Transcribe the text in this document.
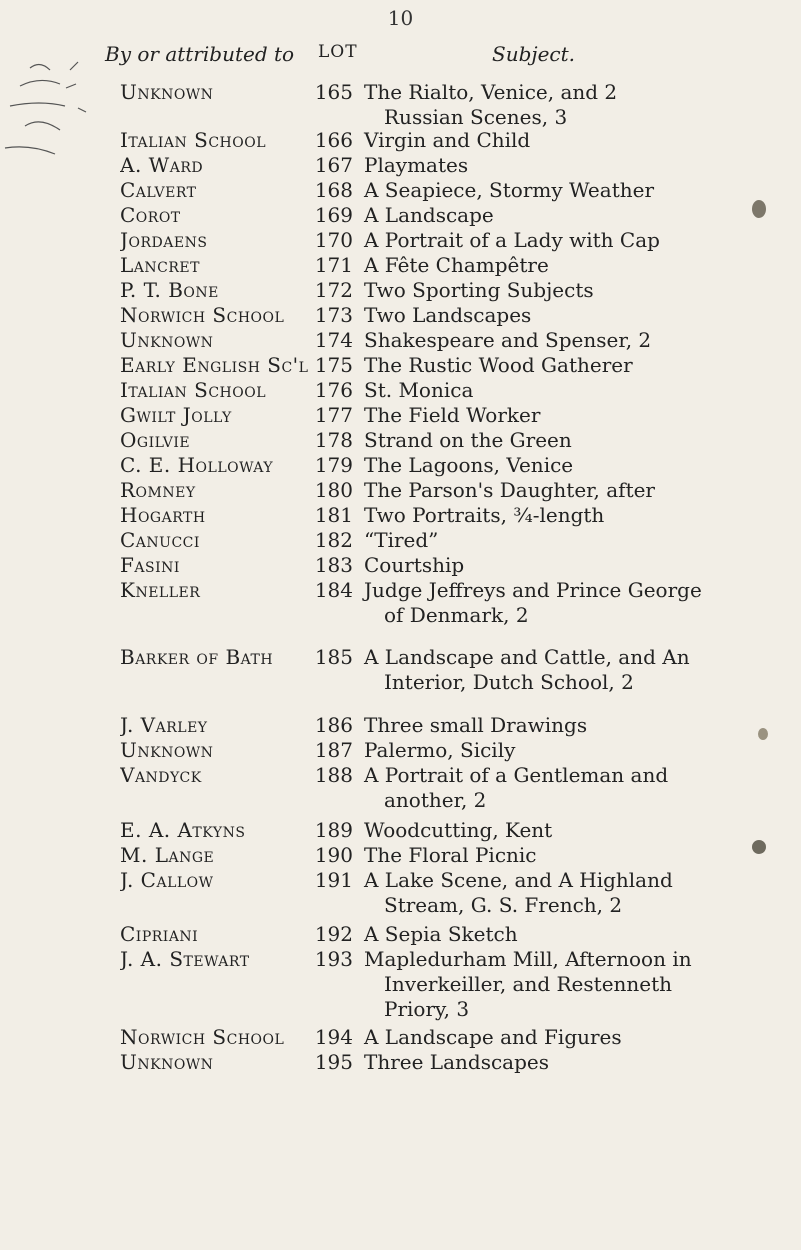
10
By or attributed to LOT	Subject.
Unknown	165 The Rialto, Venice, and 2
Russian Scenes, 3
Italian School	166 Virgin and Child
A. Ward	167 Playmates
Calvert	168 A Seapiece, Stormy Weather
Corot	169 A Landscape
Jordaens	170 A Portrait of a Lady with Cap
Lancret	171 A Fête Champêtre
P. T. Bone	172 Two Sporting Subjects
Norwich School	173 Two Landscapes
Unknown	174 Shakespeare and Spenser, 2
Early English Sc'l 175 The Rustic Wood Gatherer
Italian School	176 St. Monica
Gwilt Jolly	177 The Field Worker
Ogilvie	178 Strand on the Green
C. E. Holloway	179 The Lagoons, Venice
Romney	180 The Parson's Daughter, after
Hogarth	181 Two Portraits, ¾-length
Canucci	182 “Tired”
Fasini	183 Courtship
Kneller	184 Judge Jeffreys and Prince George
of Denmark, 2
Barker of Bath	185 A Landscape and Cattle, and An
Interior, Dutch School, 2
J. Varley	186 Three small Drawings
Unknown	187 Palermo, Sicily
Vandyck	188 A Portrait of a Gentleman and
another, 2
E. A. Atkyns	189 Woodcutting, Kent
M. Lange	190 The Floral Picnic
J. Callow	191 A Lake Scene, and A Highland
Stream, G. S. French, 2
Cipriani	192 A Sepia Sketch
J. A. Stewart	193 Mapledurham Mill, Afternoon in
Inverkeiller, and Restenneth
Priory, 3
Norwich School	194 A Landscape and Figures
Unknown	195 Three Landscapes
